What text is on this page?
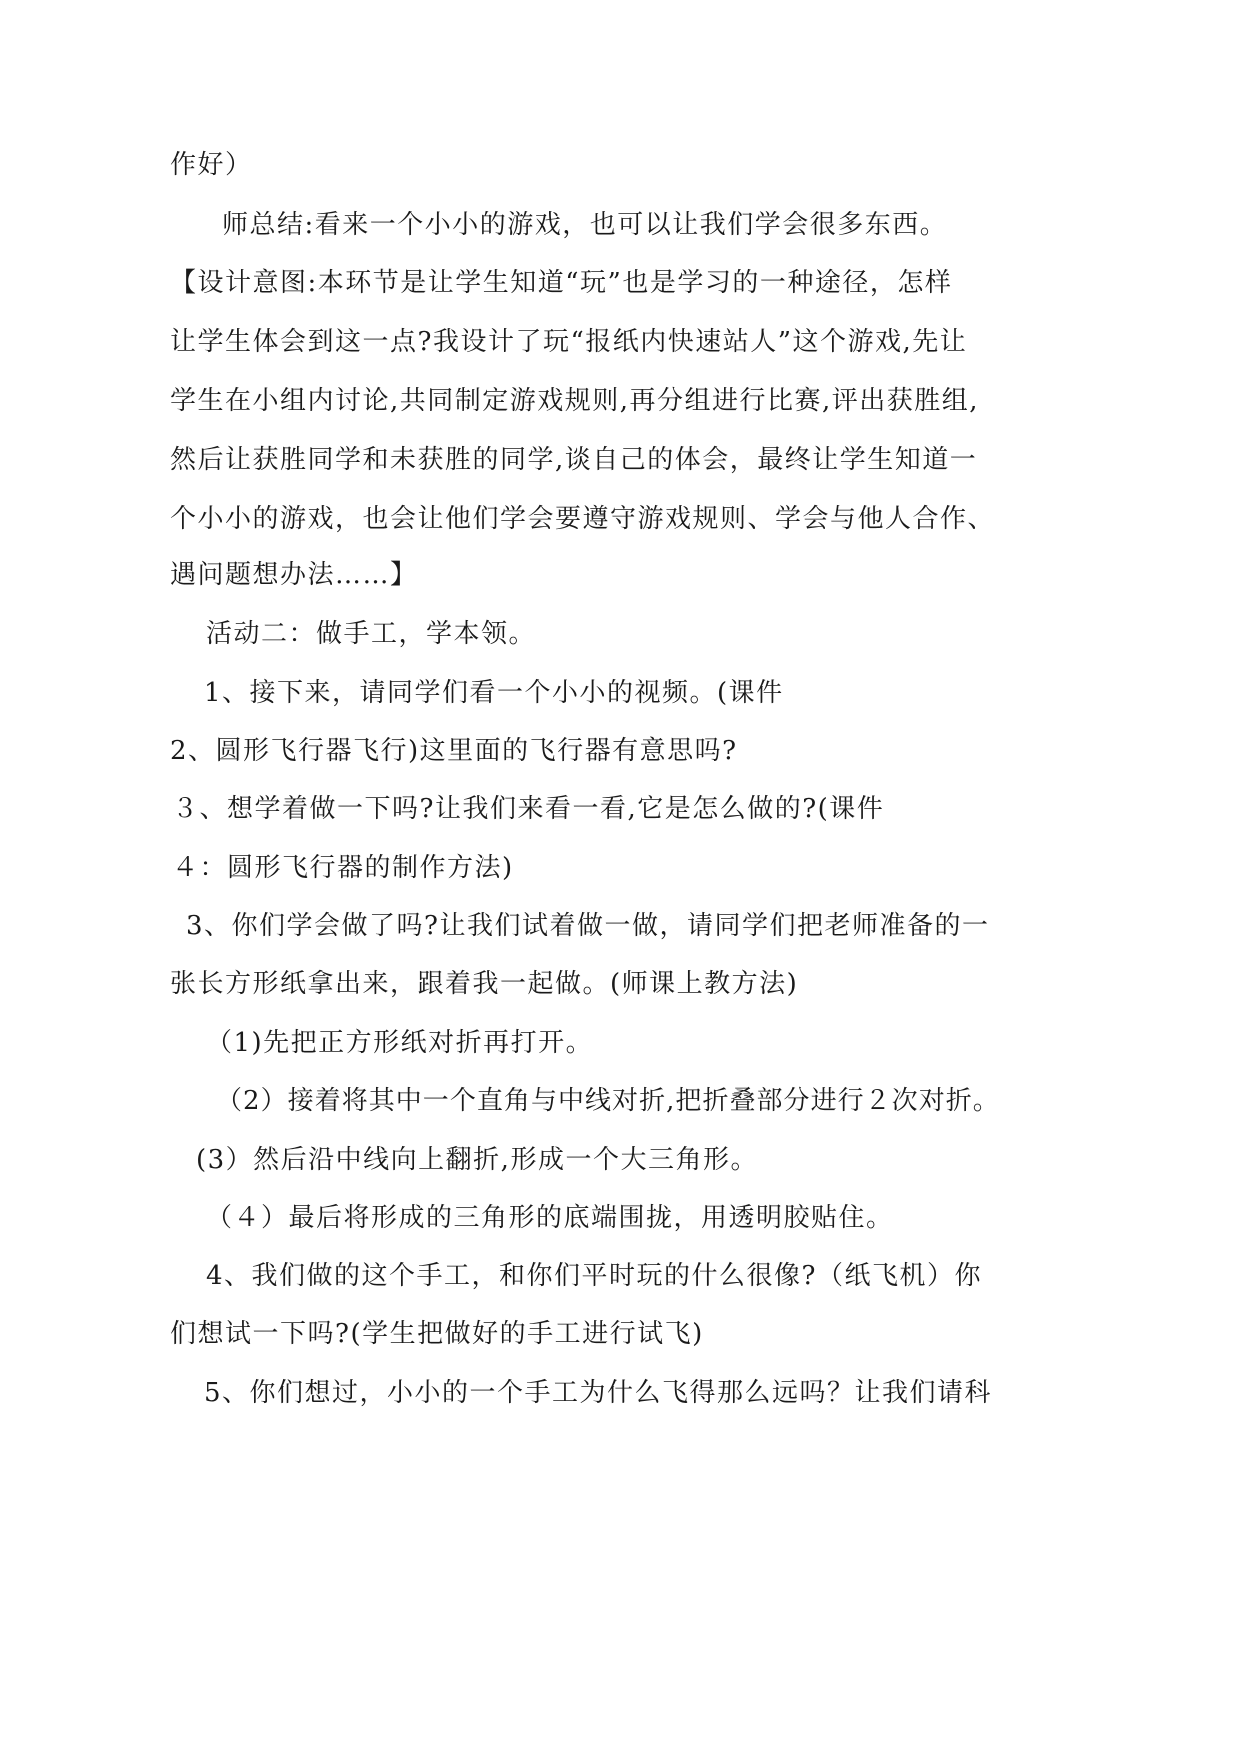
作好）
师总结:看来一个小小的游戏，也可以让我们学会很多东西。
【设计意图:本环节是让学生知道“玩”也是学习的一种途径，怎样
让学生体会到这一点?我设计了玩“报纸内快速站人”这个游戏,先让
学生在小组内讨论,共同制定游戏规则,再分组进行比赛,评出获胜组,
然后让获胜同学和未获胜的同学,谈自己的体会，最终让学生知道一
个小小的游戏，也会让他们学会要遵守游戏规则、学会与他人合作、
遇问题想办法……】
活动二：做手工，学本领。
1、接下来，请同学们看一个小小的视频。(课件
2、圆形飞行器飞行)这里面的飞行器有意思吗?
３、想学着做一下吗?让我们来看一看,它是怎么做的?(课件
４：圆形飞行器的制作方法)
3、你们学会做了吗?让我们试着做一做，请同学们把老师准备的一
张长方形纸拿出来，跟着我一起做。(师课上教方法)
（1)先把正方形纸对折再打开。
（2）接着将其中一个直角与中线对折,把折叠部分进行２次对折。
(3）然后沿中线向上翻折,形成一个大三角形。
（４）最后将形成的三角形的底端围拢，用透明胶贴住。
4、我们做的这个手工，和你们平时玩的什么很像?（纸飞机）你
们想试一下吗?(学生把做好的手工进行试飞)
5、你们想过，小小的一个手工为什么飞得那么远吗？让我们请科
